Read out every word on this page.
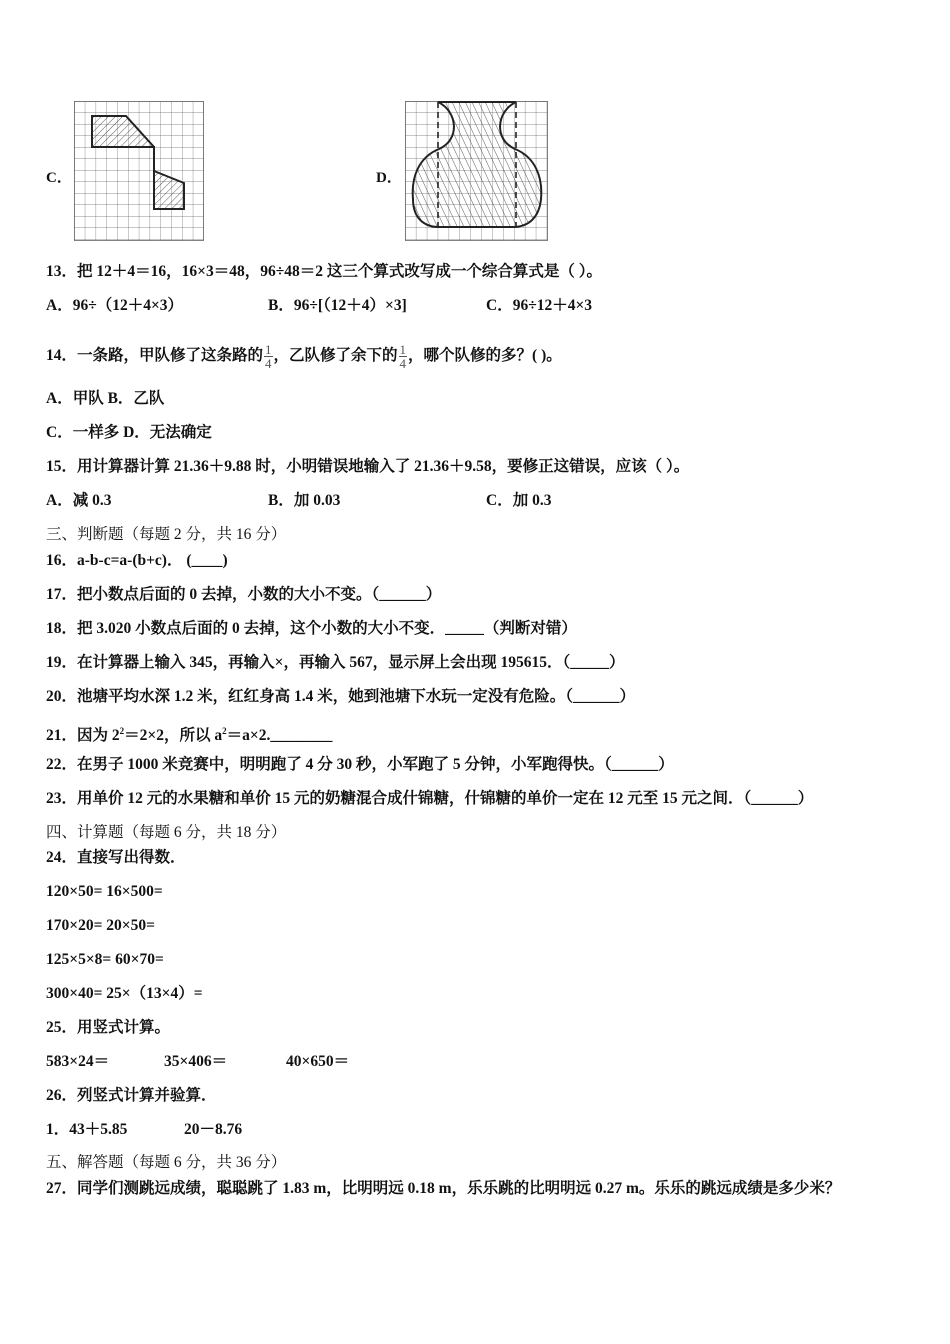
C．	D．
13．把 12＋4＝16，16×3＝48，96÷48＝2 这三个算式改写成一个综合算式是（ ）。
A．96÷（12＋4×3）	B．96÷[（12＋4）×3]	C．96÷12＋4×3
14．一条路，甲队修了这条路的 $\frac{1}{4}$ ，乙队修了余下的 $\frac{1}{4}$ ，哪个队修的多？( )。
A．甲队 B．乙队
C．一样多 D．无法确定
15．用计算器计算 21.36＋9.88 时，小明错误地输入了 21.36＋9.58，要修正这错误，应该（ ）。
A．减 0.3	B．加 0.03	C．加 0.3
三、判断题（每题 2 分，共 16 分）
16．a-b-c=a-(b+c)． (____)
17．把小数点后面的 0 去掉，小数的大小不变。（______）
18．把 3.020 小数点后面的 0 去掉，这个小数的大小不变．_____（判断对错）
19．在计算器上输入 345，再输入×，再输入 567，显示屏上会出现 195615．（_____）
20．池塘平均水深 1.2 米，红红身高 1.4 米，她到池塘下水玩一定没有危险。（______）
21．因为 $2^2=2\times 2$，所以 $a^2=a\times 2.\_\_\_\_\_\_\_\_$
22．在男子 1000 米竞赛中，明明跑了 4 分 30 秒，小军跑了 5 分钟，小军跑得快。（______）
23．用单价 12 元的水果糖和单价 15 元的奶糖混合成什锦糖，什锦糖的单价一定在 12 元至 15 元之间．（______）
四、计算题（每题 6 分，共 18 分）
24．直接写出得数．
120×50= 16×500=
170×20= 20×50=
125×5×8= 60×70=
300×40= 25×（13×4）=
25．用竖式计算。
583×24＝	35×406＝	40×650＝
26．列竖式计算并验算．
1．43＋5.85	20－8.76
五、解答题（每题 6 分，共 36 分）
27．同学们测跳远成绩，聪聪跳了 1.83 m，比明明远 0.18 m，乐乐跳的比明明远 0.27 m。乐乐的跳远成绩是多少米？
